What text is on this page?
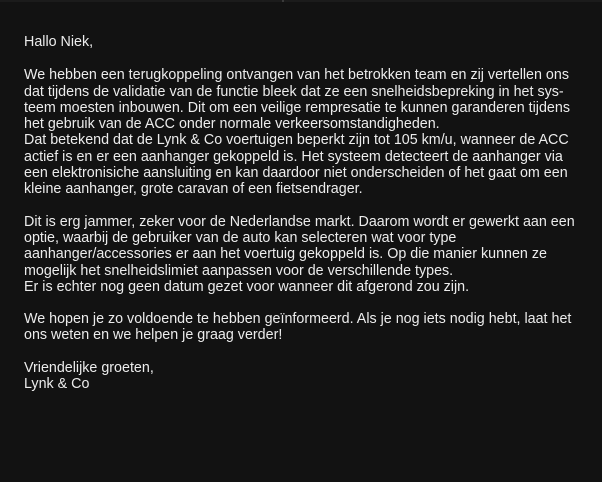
Hallo Niek,

We hebben een terugkoppeling ontvangen van het betrokken team en zij vertellen ons
dat tijdens de validatie van de functie bleek dat ze een snelheidsbepreking in het sys-
teem moesten inbouwen. Dit om een veilige rempresatie te kunnen garanderen tijdens
het gebruik van de ACC onder normale verkeersomstandigheden.
Dat betekend dat de Lynk & Co voertuigen beperkt zijn tot 105 km/u, wanneer de ACC
actief is en er een aanhanger gekoppeld is. Het systeem detecteert de aanhanger via
een elektronisiche aansluiting en kan daardoor niet onderscheiden of het gaat om een
kleine aanhanger, grote caravan of een fietsendrager.

Dit is erg jammer, zeker voor de Nederlandse markt. Daarom wordt er gewerkt aan een
optie, waarbij de gebruiker van de auto kan selecteren wat voor type
aanhanger/accessories er aan het voertuig gekoppeld is. Op die manier kunnen ze
mogelijk het snelheidslimiet aanpassen voor de verschillende types.
Er is echter nog geen datum gezet voor wanneer dit afgerond zou zijn.

We hopen je zo voldoende te hebben geïnformeerd. Als je nog iets nodig hebt, laat het
ons weten en we helpen je graag verder!

Vriendelijke groeten,

Lynk & Co
